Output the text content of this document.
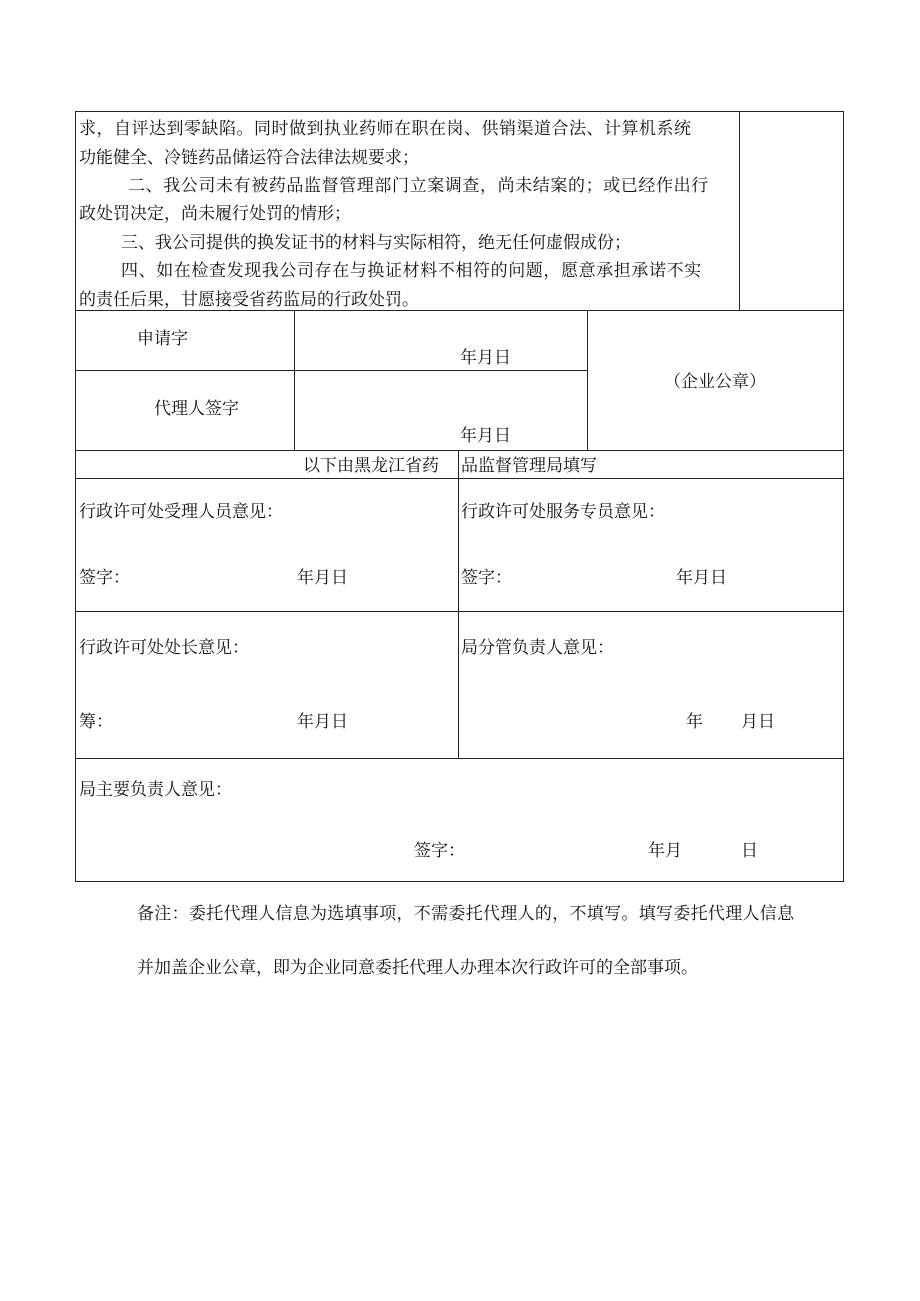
求，自评达到零缺陷。同时做到执业药师在职在岗、供销渠道合法、计算机系统
功能健全、冷链药品储运符合法律法规要求；
二、我公司未有被药品监督管理部门立案调查，尚未结案的；或已经作出行
政处罚决定，尚未履行处罚的情形；
三、我公司提供的换发证书的材料与实际相符，绝无任何虚假成份；
四、如在检查发现我公司存在与换证材料不相符的问题，愿意承担承诺不实
的责任后果，甘愿接受省药监局的行政处罚。
申请字
年月日
代理人签字
年月日
（企业公章）
以下由黑龙江省药 品监督管理局填写
行政许可处受理人员意见：
签字：	年月日
行政许可处服务专员意见：
签字：	年月日
行政许可处处长意见：
筹：	年月日
局分管负责人意见：
年 月日
局主要负责人意见：
签字：	年月	日
备注：委托代理人信息为选填事项，不需委托代理人的，不填写。填写委托代理人信息
并加盖企业公章，即为企业同意委托代理人办理本次行政许可的全部事项。
